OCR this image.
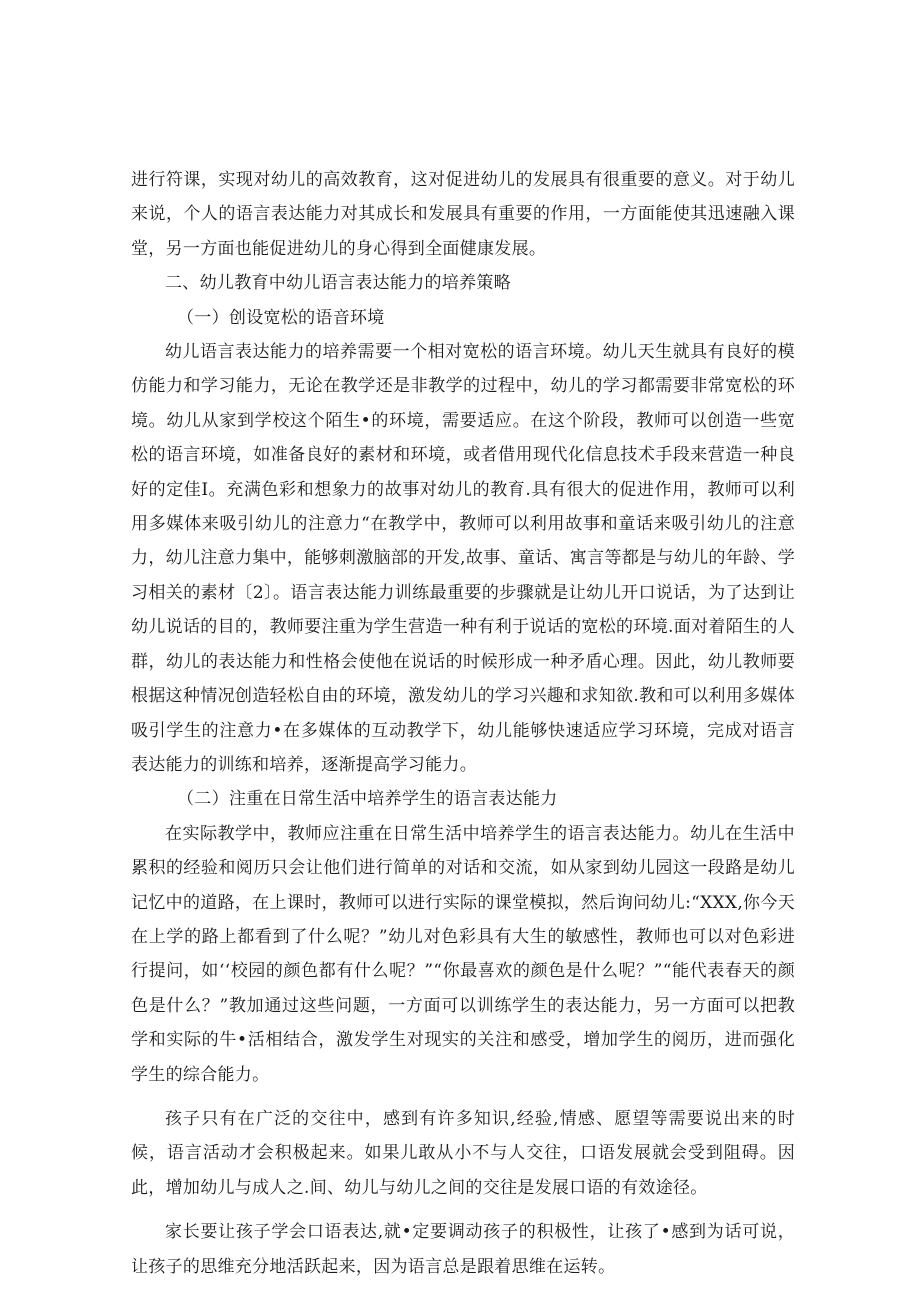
进行符课，实现对幼儿的高效教育，这对促进幼儿的发展具有很重要的意义。对于幼儿来说，个人的语言表达能力对其成长和发展具有重要的作用，一方面能使其迅速融入课堂，另一方面也能促进幼儿的身心得到全面健康发展。

二、幼儿教育中幼儿语言表达能力的培养策略

（一）创设宽松的语音环境

幼儿语言表达能力的培养需要一个相对宽松的语言环境。幼儿天生就具有良好的模仿能力和学习能力，无论在教学还是非教学的过程中，幼儿的学习都需要非常宽松的环境。幼儿从家到学校这个陌生•的环境，需要适应。在这个阶段，教师可以创造一些宽松的语言环境，如准备良好的素材和环境，或者借用现代化信息技术手段来营造一种良好的定佳I。充满色彩和想象力的故事对幼儿的教育.具有很大的促进作用，教师可以利用多媒体来吸引幼儿的注意力“在教学中，教师可以利用故事和童话来吸引幼儿的注意力，幼儿注意力集中，能够刺激脑部的开发,故事、童话、寓言等都是与幼儿的年龄、学习相关的素材〔2〕。语言表达能力训练最重要的步骤就是让幼儿开口说话，为了达到让幼儿说话的目的，教师要注重为学生营造一种有利于说话的宽松的环境.面对着陌生的人群，幼儿的表达能力和性格会使他在说话的时候形成一种矛盾心理。因此，幼儿教师要根据这种情况创造轻松自由的环境，激发幼儿的学习兴趣和求知欲.教和可以利用多媒体吸引学生的注意力•在多媒体的互动教学下，幼儿能够快速适应学习环境，完成对语言表达能力的训练和培养，逐渐提高学习能力。

（二）注重在日常生活中培养学生的语言表达能力

在实际教学中，教师应注重在日常生活中培养学生的语言表达能力。幼儿在生活中累积的经验和阅历只会让他们进行简单的对话和交流，如从家到幼儿园这一段路是幼儿记忆中的道路，在上课时，教师可以进行实际的课堂模拟，然后询问幼儿:“XXX,你今天在上学的路上都看到了什么呢？”幼儿对色彩具有大生的敏感性，教师也可以对色彩进行提问，如‘‘校园的颜色都有什么呢？”“你最喜欢的颜色是什么呢？”“能代表春天的颜色是什么？”教加通过这些问题，一方面可以训练学生的表达能力，另一方面可以把教学和实际的牛•活相结合，激发学生对现实的关注和感受，增加学生的阅历，进而强化学生的综合能力。

孩子只有在广泛的交往中，感到有许多知识,经验,情感、愿望等需要说出来的时候，语言活动才会积极起来。如果儿敢从小不与人交往，口语发展就会受到阻碍。因此，增加幼儿与成人之.间、幼儿与幼儿之间的交往是发展口语的有效途径。

家长要让孩子学会口语表达,就•定要调动孩子的积极性，让孩了•感到为话可说，让孩子的思维充分地活跃起来，因为语言总是跟着思维在运转。
